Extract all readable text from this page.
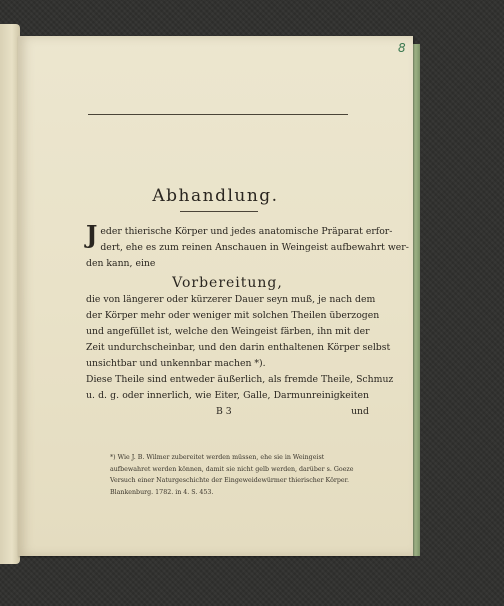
8
Abhandlung.
J eder thierische Körper und jedes anatomische Präparat erfor-
dert, ehe es zum reinen Anschauen in Weingeist aufbewahrt wer-
den kann, eine
Vorbereitung,
die von längerer oder kürzerer Dauer seyn muß, je nach dem
der Körper mehr oder weniger mit solchen Theilen überzogen
und angefüllet ist, welche den Weingeist färben, ihn mit der
Zeit undurchscheinbar, und den darin enthaltenen Körper selbst
unsichtbar und unkennbar machen *).
Diese Theile sind entweder äußerlich, als fremde Theile, Schmuz
u. d. g. oder innerlich, wie Eiter, Galle, Darmunreinigkeiten
B 3	und
*) Wie J. B. Wilmer zubereitet werden müssen, ehe sie in Weingeist
aufbewahret werden können, damit sie nicht gelb werden, darüber s. Goeze
Versuch einer Naturgeschichte der Eingeweidewürmer thierischer Körper.
Blankenburg. 1782. in 4. S. 453.
